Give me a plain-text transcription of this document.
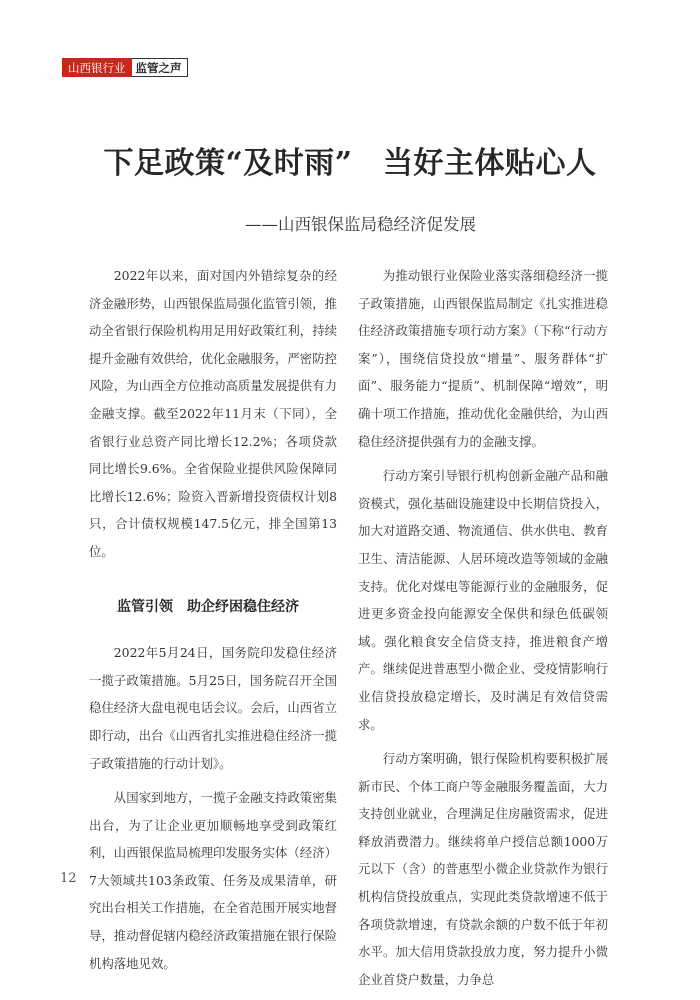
山西银行业 监管之声
下足政策“及时雨”　当好主体贴心人
——山西银保监局稳经济促发展

2022年以来，面对国内外错综复杂的经济金融形势，山西银保监局强化监管引领，推动全省银行保险机构用足用好政策红利，持续提升金融有效供给，优化金融服务，严密防控风险，为山西全方位推动高质量发展提供有力金融支撑。截至2022年11月末（下同），全省银行业总资产同比增长12.2%；各项贷款同比增长9.6%。全省保险业提供风险保障同比增长12.6%；险资入晋新增投资债权计划8只，合计债权规模147.5亿元，排全国第13位。

监管引领　助企纾困稳住经济

2022年5月24日，国务院印发稳住经济一揽子政策措施。5月25日，国务院召开全国稳住经济大盘电视电话会议。会后，山西省立即行动，出台《山西省扎实推进稳住经济一揽子政策措施的行动计划》。

从国家到地方，一揽子金融支持政策密集出台，为了让企业更加顺畅地享受到政策红利，山西银保监局梳理印发服务实体（经济）7大领域共103条政策、任务及成果清单，研究出台相关工作措施，在全省范围开展实地督导，推动督促辖内稳经济政策措施在银行保险机构落地见效。

为推动银行业保险业落实落细稳经济一揽子政策措施，山西银保监局制定《扎实推进稳住经济政策措施专项行动方案》（下称“行动方案”），围绕信贷投放“增量”、服务群体“扩面”、服务能力“提质”、机制保障“增效”，明确十项工作措施，推动优化金融供给，为山西稳住经济提供强有力的金融支撑。

行动方案引导银行机构创新金融产品和融资模式，强化基础设施建设中长期信贷投入，加大对道路交通、物流通信、供水供电、教育卫生、清洁能源、人居环境改造等领域的金融支持。优化对煤电等能源行业的金融服务，促进更多资金投向能源安全保供和绿色低碳领域。强化粮食安全信贷支持，推进粮食产增产。继续促进普惠型小微企业、受疫情影响行业信贷投放稳定增长，及时满足有效信贷需求。

行动方案明确，银行保险机构要积极扩展新市民、个体工商户等金融服务覆盖面，大力支持创业就业，合理满足住房融资需求，促进释放消费潜力。继续将单户授信总额1000万元以下（含）的普惠型小微企业贷款作为银行机构信贷投放重点，实现此类贷款增速不低于各项贷款增速，有贷款余额的户数不低于年初水平。加大信用贷款投放力度，努力提升小微企业首贷户数量，力争总

12
